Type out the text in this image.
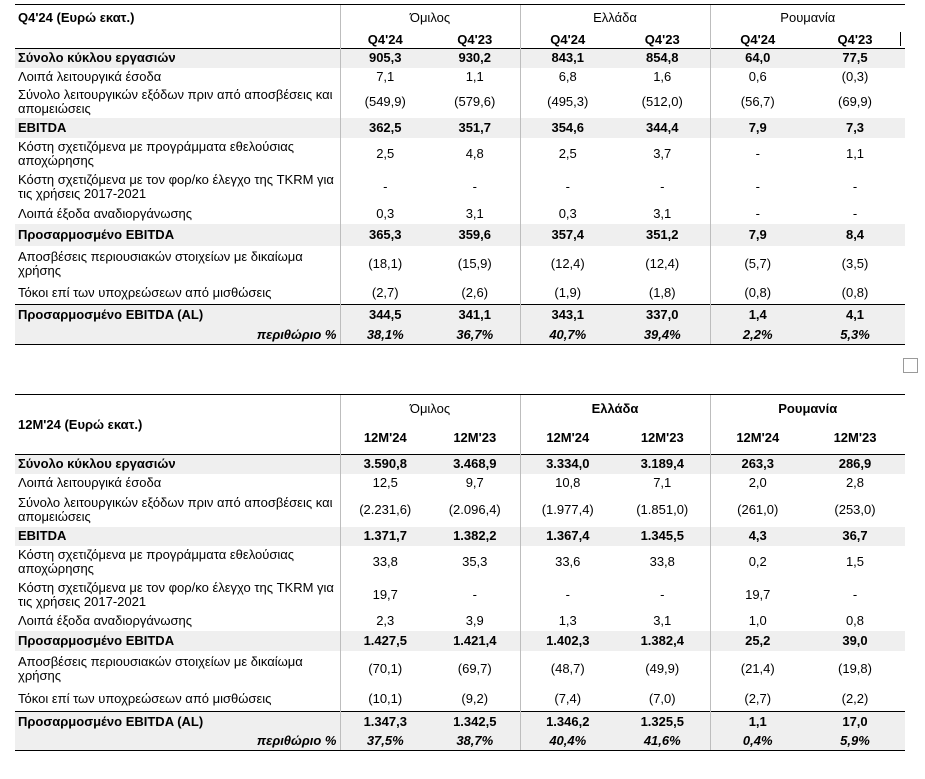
Q4'24 (Ευρώ εκατ.)	Όμιλος		Ελλάδα		Ρουμανία	
	Q4'24	Q4'23	Q4'24	Q4'23	Q4'24	Q4'23
Σύνολο κύκλου εργασιών	905,3	930,2	843,1	854,8	64,0	77,5
Λοιπά λειτουργικά έσοδα	7,1	1,1	6,8	1,6	0,6	(0,3)
Σύνολο λειτουργικών εξόδων πριν από αποσβέσεις και απομειώσεις	(549,9)	(579,6)	(495,3)	(512,0)	(56,7)	(69,9)
EBITDA	362,5	351,7	354,6	344,4	7,9	7,3
Κόστη σχετιζόμενα με προγράμματα εθελούσιας αποχώρησης	2,5	4,8	2,5	3,7	-	1,1
Κόστη σχετιζόμενα με τον φορ/κο έλεγχο της TKRM για τις χρήσεις 2017-2021	-	-	-	-	-	-
Λοιπά έξοδα αναδιοργάνωσης	0,3	3,1	0,3	3,1	-	-
Προσαρμοσμένο EBITDA	365,3	359,6	357,4	351,2	7,9	8,4
Αποσβέσεις περιουσιακών στοιχείων με δικαίωμα χρήσης	(18,1)	(15,9)	(12,4)	(12,4)	(5,7)	(3,5)
Τόκοι επί των υποχρεώσεων από μισθώσεις	(2,7)	(2,6)	(1,9)	(1,8)	(0,8)	(0,8)
Προσαρμοσμένο EBITDA (AL)	344,5	341,1	343,1	337,0	1,4	4,1
περιθώριο %	38,1%	36,7%	40,7%	39,4%	2,2%	5,3%
12M'24 (Ευρώ εκατ.)	Όμιλος		Ελλάδα		Ρουμανία	
	12M'24	12M'23	12M'24	12M'23	12M'24	12M'23
Σύνολο κύκλου εργασιών	3.590,8	3.468,9	3.334,0	3.189,4	263,3	286,9
Λοιπά λειτουργικά έσοδα	12,5	9,7	10,8	7,1	2,0	2,8
Σύνολο λειτουργικών εξόδων πριν από αποσβέσεις και απομειώσεις	(2.231,6)	(2.096,4)	(1.977,4)	(1.851,0)	(261,0)	(253,0)
EBITDA	1.371,7	1.382,2	1.367,4	1.345,5	4,3	36,7
Κόστη σχετιζόμενα με προγράμματα εθελούσιας αποχώρησης	33,8	35,3	33,6	33,8	0,2	1,5
Κόστη σχετιζόμενα με τον φορ/κο έλεγχο της TKRM για τις χρήσεις 2017-2021	19,7	-	-	-	19,7	-
Λοιπά έξοδα αναδιοργάνωσης	2,3	3,9	1,3	3,1	1,0	0,8
Προσαρμοσμένο EBITDA	1.427,5	1.421,4	1.402,3	1.382,4	25,2	39,0
Αποσβέσεις περιουσιακών στοιχείων με δικαίωμα χρήσης	(70,1)	(69,7)	(48,7)	(49,9)	(21,4)	(19,8)
Τόκοι επί των υποχρεώσεων από μισθώσεις	(10,1)	(9,2)	(7,4)	(7,0)	(2,7)	(2,2)
Προσαρμοσμένο EBITDA (AL)	1.347,3	1.342,5	1.346,2	1.325,5	1,1	17,0
περιθώριο %	37,5%	38,7%	40,4%	41,6%	0,4%	5,9%
